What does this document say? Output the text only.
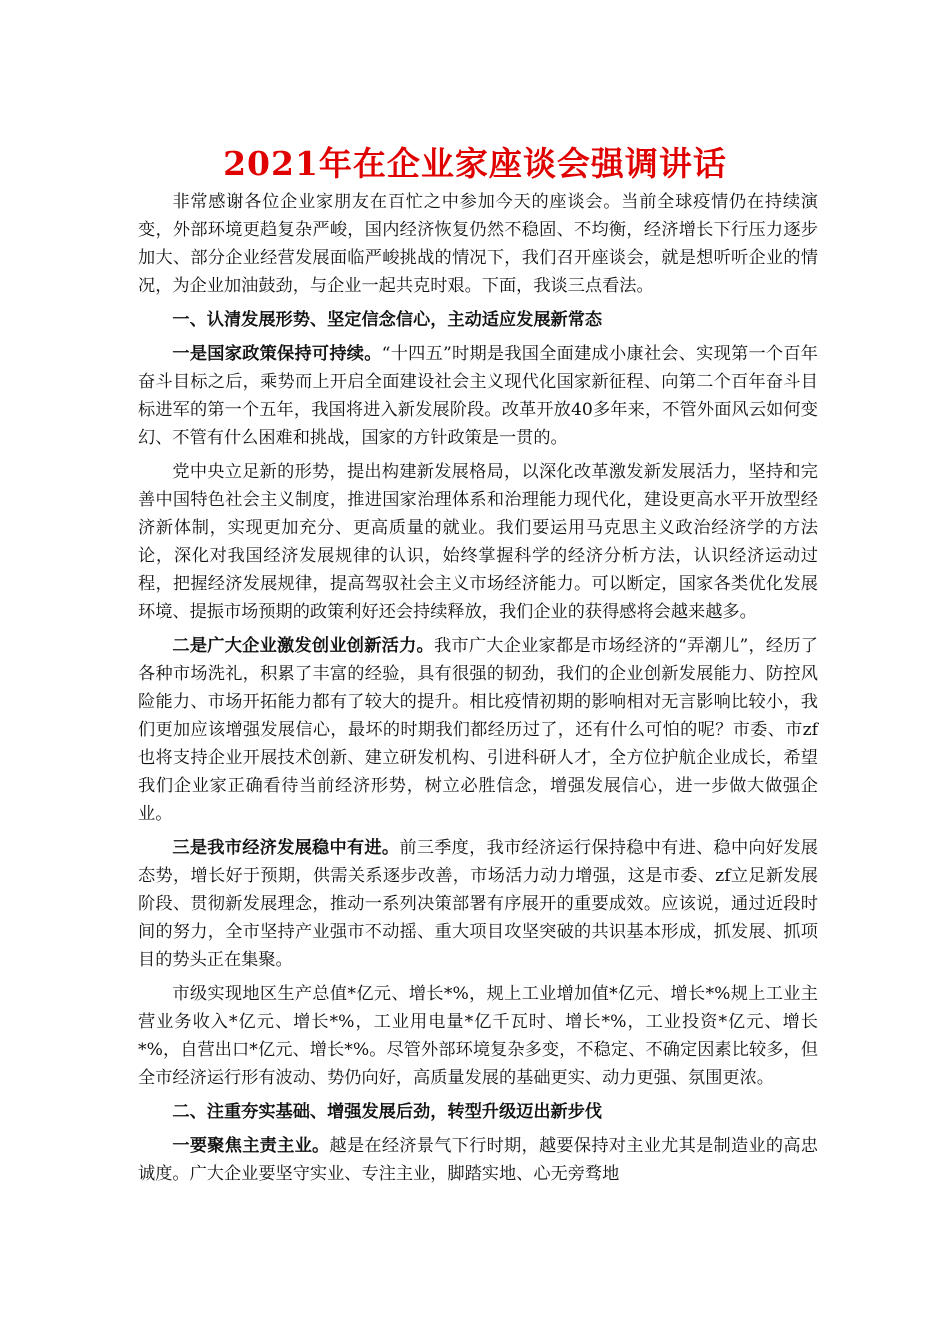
2021年在企业家座谈会强调讲话

非常感谢各位企业家朋友在百忙之中参加今天的座谈会。当前全球疫情仍在持续演变，外部环境更趋复杂严峻，国内经济恢复仍然不稳固、不均衡，经济增长下行压力逐步加大、部分企业经营发展面临严峻挑战的情况下，我们召开座谈会，就是想听听企业的情况，为企业加油鼓劲，与企业一起共克时艰。下面，我谈三点看法。

一、认清发展形势、坚定信念信心，主动适应发展新常态

一是国家政策保持可持续。“十四五”时期是我国全面建成小康社会、实现第一个百年奋斗目标之后，乘势而上开启全面建设社会主义现代化国家新征程、向第二个百年奋斗目标进军的第一个五年，我国将进入新发展阶段。改革开放40多年来，不管外面风云如何变幻、不管有什么困难和挑战，国家的方针政策是一贯的。

党中央立足新的形势，提出构建新发展格局，以深化改革激发新发展活力，坚持和完善中国特色社会主义制度，推进国家治理体系和治理能力现代化，建设更高水平开放型经济新体制，实现更加充分、更高质量的就业。我们要运用马克思主义政治经济学的方法论，深化对我国经济发展规律的认识，始终掌握科学的经济分析方法，认识经济运动过程，把握经济发展规律，提高驾驭社会主义市场经济能力。可以断定，国家各类优化发展环境、提振市场预期的政策利好还会持续释放，我们企业的获得感将会越来越多。

二是广大企业激发创业创新活力。我市广大企业家都是市场经济的“弄潮儿”，经历了各种市场洗礼，积累了丰富的经验，具有很强的韧劲，我们的企业创新发展能力、防控风险能力、市场开拓能力都有了较大的提升。相比疫情初期的影响相对无言影响比较小，我们更加应该增强发展信心，最坏的时期我们都经历过了，还有什么可怕的呢？市委、市zf也将支持企业开展技术创新、建立研发机构、引进科研人才，全方位护航企业成长，希望我们企业家正确看待当前经济形势，树立必胜信念，增强发展信心，进一步做大做强企业。

三是我市经济发展稳中有进。前三季度，我市经济运行保持稳中有进、稳中向好发展态势，增长好于预期，供需关系逐步改善，市场活力动力增强，这是市委、zf立足新发展阶段、贯彻新发展理念，推动一系列决策部署有序展开的重要成效。应该说，通过近段时间的努力，全市坚持产业强市不动摇、重大项目攻坚突破的共识基本形成，抓发展、抓项目的势头正在集聚。

市级实现地区生产总值*亿元、增长*%，规上工业增加值*亿元、增长*%规上工业主营业务收入*亿元、增长*%，工业用电量*亿千瓦时、增长*%，工业投资*亿元、增长*%，自营出口*亿元、增长*%。尽管外部环境复杂多变，不稳定、不确定因素比较多，但全市经济运行形有波动、势仍向好，高质量发展的基础更实、动力更强、氛围更浓。

二、注重夯实基础、增强发展后劲，转型升级迈出新步伐

一要聚焦主责主业。越是在经济景气下行时期，越要保持对主业尤其是制造业的高忠诚度。广大企业要坚守实业、专注主业，脚踏实地、心无旁骛地
